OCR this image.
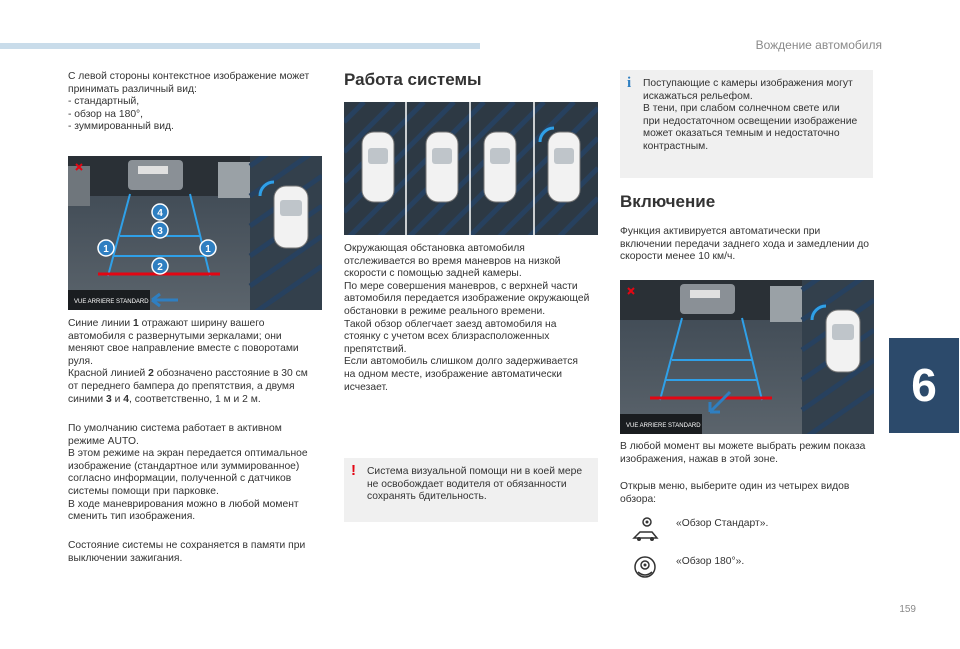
Вождение автомобиля
6
159
С левой стороны контекстное изображение может
принимать различный вид:
- стандартный,
- обзор на 180°,
- зуммированный вид.
VUE ARRIERE STANDARD
1	1
2
3
4
Синие линии 1 отражают ширину вашего
автомобиля с развернутыми зеркалами; они
меняют свое направление вместе с поворотами
руля.
Красной линией 2 обозначено расстояние в 30 см
от переднего бампера до препятствия, а двумя
синими 3 и 4, соответственно, 1 м и 2 м.
По умолчанию система работает в активном
режиме AUTO.
В этом режиме на экран передается оптимальное
изображение (стандартное или зуммированное)
согласно информации, полученной с датчиков
системы помощи при парковке.
В ходе маневрирования можно в любой момент
сменить тип изображения.
Состояние системы не сохраняется в памяти при
выключении зажигания.
Работа системы
Окружающая обстановка автомобиля
отслеживается во время маневров на низкой
скорости с помощью задней камеры.
По мере совершения маневров, с верхней части
автомобиля передается изображение окружающей
обстановки в режиме реального времени.
Такой обзор облегчает заезд автомобиля на
стоянку с учетом всех близрасположенных
препятствий.
Если автомобиль слишком долго задерживается
на одном месте, изображение автоматически
исчезает.
! Система визуальной помощи ни в коей мере
не освобождает водителя от обязанности
сохранять бдительность.
i Поступающие с камеры изображения могут
искажаться рельефом.
В тени, при слабом солнечном свете или
при недостаточном освещении изображение
может оказаться темным и недостаточно
контрастным.
Включение
Функция активируется автоматически при
включении передачи заднего хода и замедлении до
скорости менее 10 км/ч.
VUE ARRIERE STANDARD
В любой момент вы можете выбрать режим показа
изображения, нажав в этой зоне.
Открыв меню, выберите один из четырех видов
обзора:
«Обзор Стандарт».
«Обзор 180°».
